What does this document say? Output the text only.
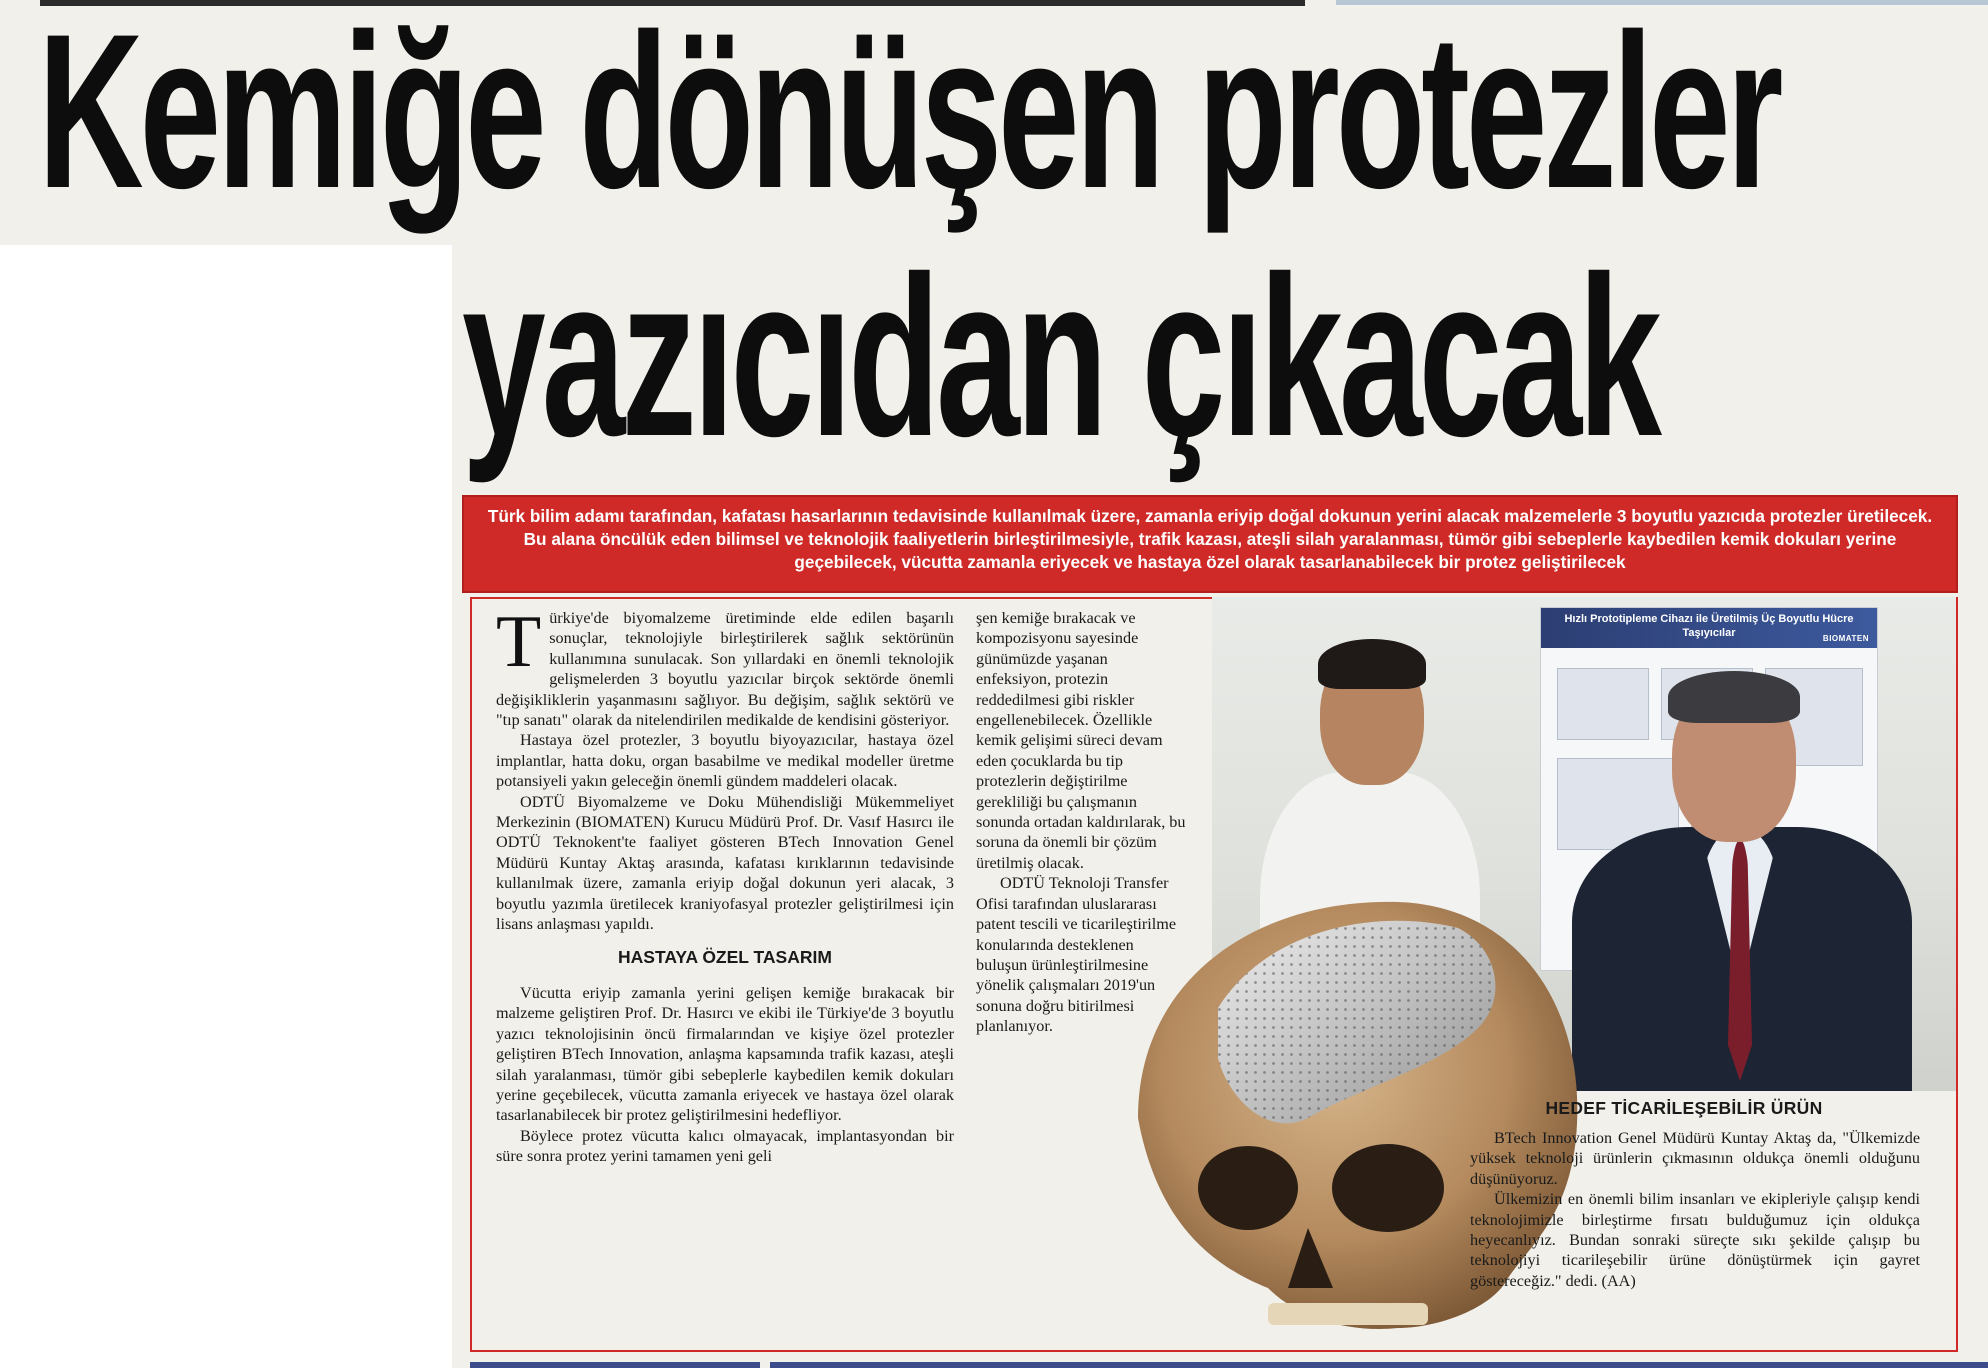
Kemiğe dönüşen protezler
yazıcıdan çıkacak
Türk bilim adamı tarafından, kafatası hasarlarının tedavisinde kullanılmak üzere, zamanla eriyip doğal dokunun yerini alacak malzemelerle 3 boyutlu yazıcıda protezler üretilecek. Bu alana öncülük eden bilimsel ve teknolojik faaliyetlerin birleştirilmesiyle, trafik kazası, ateşli silah yaralanması, tümör gibi sebeplerle kaybedilen kemik dokuları yerine geçebilecek, vücutta zamanla eriyecek ve hastaya özel olarak tasarlanabilecek bir protez geliştirilecek

Türkiye'de biyomalzeme üretiminde elde edilen başarılı sonuçlar, teknolojiyle birleştirilerek sağlık sektörünün kullanımına sunulacak. Son yıllardaki en önemli teknolojik gelişmelerden 3 boyutlu yazıcılar birçok sektörde önemli değişikliklerin yaşanmasını sağlıyor. Bu değişim, sağlık sektörü ve "tıp sanatı" olarak da nitelendirilen medikalde de kendisini gösteriyor.

Hastaya özel protezler, 3 boyutlu biyoyazıcılar, hastaya özel implantlar, hatta doku, organ basabilme ve medikal modeller üretme potansiyeli yakın geleceğin önemli gündem maddeleri olacak.

ODTÜ Biyomalzeme ve Doku Mühendisliği Mükemmeliyet Merkezinin (BIOMATEN) Kurucu Müdürü Prof. Dr. Vasıf Hasırcı ile ODTÜ Teknokent'te faaliyet gösteren BTech Innovation Genel Müdürü Kuntay Aktaş arasında, kafatası kırıklarının tedavisinde kullanılmak üzere, zamanla eriyip doğal dokunun yeri alacak, 3 boyutlu yazımla üretilecek kraniyofasyal protezler geliştirilmesi için lisans anlaşması yapıldı.

HASTAYA ÖZEL TASARIM

Vücutta eriyip zamanla yerini gelişen kemiğe bırakacak bir malzeme geliştiren Prof. Dr. Hasırcı ve ekibi ile Türkiye'de 3 boyutlu yazıcı teknolojisinin öncü firmalarından ve kişiye özel protezler geliştiren BTech Innovation, anlaşma kapsamında trafik kazası, ateşli silah yaralanması, tümör gibi sebeplerle kaybedilen kemik dokuları yerine geçebilecek, vücutta zamanla eriyecek ve hastaya özel olarak tasarlanabilecek bir protez geliştirilmesini hedefliyor.

Böylece protez vücutta kalıcı olmayacak, implantasyondan bir süre sonra protez yerini tamamen yeni geli

şen kemiğe bırakacak ve kompozisyonu sayesinde günümüzde yaşanan enfeksiyon, protezin reddedilmesi gibi riskler engellenebilecek. Özellikle kemik gelişimi süreci devam eden çocuklarda bu tip protezlerin değiştirilme gerekliliği bu çalışmanın sonunda ortadan kaldırılarak, bu soruna da önemli bir çözüm üretilmiş olacak.

ODTÜ Teknoloji Transfer Ofisi tarafından uluslararası patent tescili ve ticarileştirilme konularında desteklenen buluşun ürünleştirilmesine yönelik çalışmaları 2019'un sonuna doğru bitirilmesi planlanıyor.

Hızlı Prototipleme Cihazı ile Üretilmiş Üç Boyutlu Hücre Taşıyıcılar	BIOMATEN
HEDEF TİCARİLEŞEBİLİR ÜRÜN

BTech Innovation Genel Müdürü Kuntay Aktaş da, "Ülkemizde yüksek teknoloji ürünlerin çıkmasının oldukça önemli olduğunu düşünüyoruz.

Ülkemizin en önemli bilim insanları ve ekipleriyle çalışıp kendi teknolojimizle birleştirme fırsatı bulduğumuz için oldukça heyecanlıyız. Bundan sonraki süreçte sıkı şekilde çalışıp bu teknolojiyi ticarileşebilir ürüne dönüştürmek için gayret göstereceğiz." dedi. (AA)
